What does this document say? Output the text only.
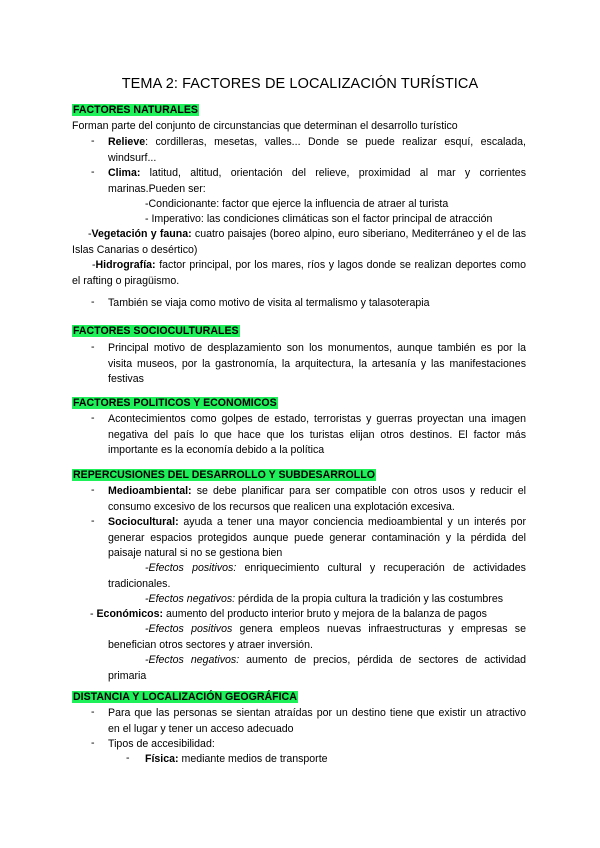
TEMA 2: FACTORES DE LOCALIZACIÓN TURÍSTICA
FACTORES NATURALES
Forman parte del conjunto de circunstancias que determinan el desarrollo turístico
- Relieve: cordilleras, mesetas, valles... Donde se puede realizar esquí, escalada, windsurf...
- Clima: latitud, altitud, orientación del relieve, proximidad al mar y corrientes marinas.Pueden ser:
-Condicionante: factor que ejerce la influencia de atraer al turista
- Imperativo: las condiciones climáticas son el factor principal de atracción
-Vegetación y fauna: cuatro paisajes (boreo alpino, euro siberiano, Mediterráneo y el de las Islas Canarias o desértico)
-Hidrografía: factor principal, por los mares, ríos y lagos donde se realizan deportes como el rafting o piragüismo.
- También se viaja como motivo de visita al termalismo y talasoterapia
FACTORES SOCIOCULTURALES
- Principal motivo de desplazamiento son los monumentos, aunque también es por la visita museos, por la gastronomía, la arquitectura, la artesanía y las manifestaciones festivas
FACTORES POLITICOS Y ECONOMICOS
- Acontecimientos como golpes de estado, terroristas y guerras proyectan una imagen negativa del país lo que hace que los turistas elijan otros destinos. El factor más importante es la economía debido a la política
REPERCUSIONES DEL DESARROLLO Y SUBDESARROLLO
- Medioambiental: se debe planificar para ser compatible con otros usos y reducir el consumo excesivo de los recursos que realicen una explotación excesiva.
- Sociocultural: ayuda a tener una mayor conciencia medioambiental y un interés por generar espacios protegidos aunque puede generar contaminación y la pérdida del paisaje natural si no se gestiona bien
-Efectos positivos: enriquecimiento cultural y recuperación de actividades tradicionales.
-Efectos negativos: pérdida de la propia cultura la tradición y las costumbres
- Económicos: aumento del producto interior bruto y mejora de la balanza de pagos
-Efectos positivos genera empleos nuevas infraestructuras y empresas se benefician otros sectores y atraer inversión.
-Efectos negativos: aumento de precios, pérdida de sectores de actividad primaria
DISTANCIA Y LOCALIZACIÓN GEOGRÁFICA
- Para que las personas se sientan atraídas por un destino tiene que existir un atractivo en el lugar y tener un acceso adecuado
- Tipos de accesibilidad:
- Física: mediante medios de transporte
